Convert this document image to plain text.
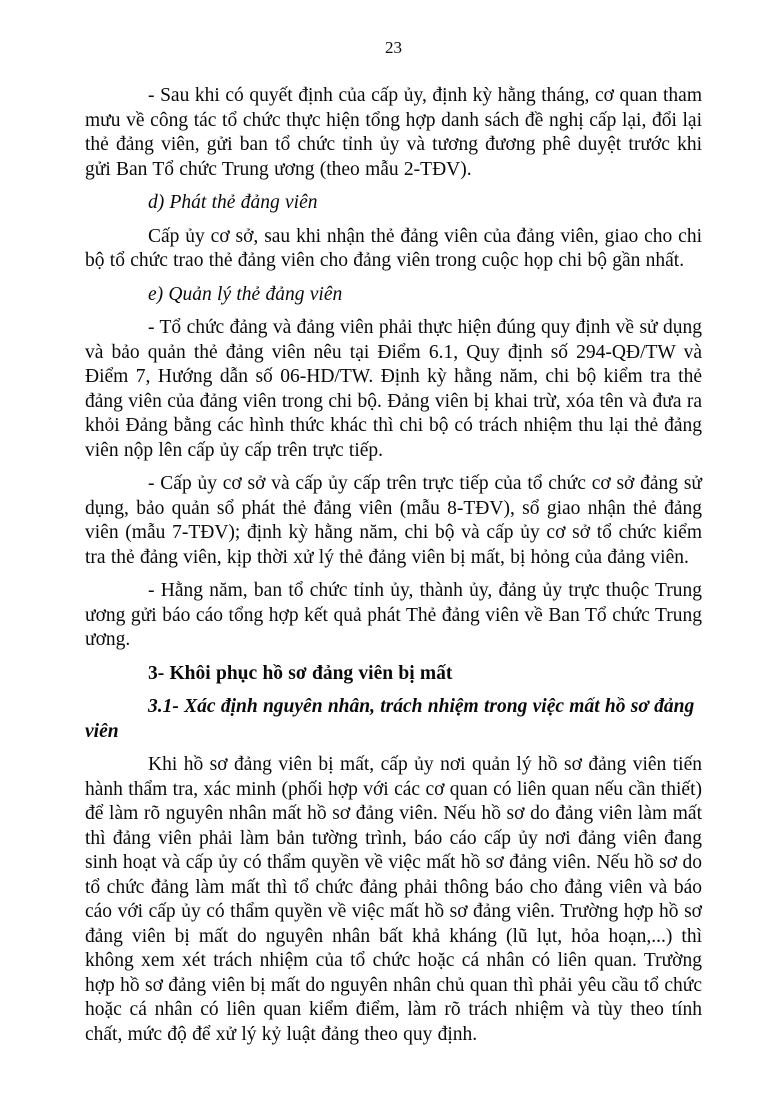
23

- Sau khi có quyết định của cấp ủy, định kỳ hằng tháng, cơ quan tham mưu về công tác tổ chức thực hiện tổng hợp danh sách đề nghị cấp lại, đổi lại thẻ đảng viên, gửi ban tổ chức tỉnh ủy và tương đương phê duyệt trước khi gửi Ban Tổ chức Trung ương (theo mẫu 2-TĐV).

d) Phát thẻ đảng viên

Cấp ủy cơ sở, sau khi nhận thẻ đảng viên của đảng viên, giao cho chi bộ tổ chức trao thẻ đảng viên cho đảng viên trong cuộc họp chi bộ gần nhất.

e) Quản lý thẻ đảng viên

- Tổ chức đảng và đảng viên phải thực hiện đúng quy định về sử dụng và bảo quản thẻ đảng viên nêu tại Điểm 6.1, Quy định số 294-QĐ/TW và Điểm 7, Hướng dẫn số 06-HD/TW. Định kỳ hằng năm, chi bộ kiểm tra thẻ đảng viên của đảng viên trong chi bộ. Đảng viên bị khai trừ, xóa tên và đưa ra khỏi Đảng bằng các hình thức khác thì chi bộ có trách nhiệm thu lại thẻ đảng viên nộp lên cấp ủy cấp trên trực tiếp.

- Cấp ủy cơ sở và cấp ủy cấp trên trực tiếp của tổ chức cơ sở đảng sử dụng, bảo quản sổ phát thẻ đảng viên (mẫu 8-TĐV), sổ giao nhận thẻ đảng viên (mẫu 7-TĐV); định kỳ hằng năm, chi bộ và cấp ủy cơ sở tổ chức kiểm tra thẻ đảng viên, kịp thời xử lý thẻ đảng viên bị mất, bị hỏng của đảng viên.

- Hằng năm, ban tổ chức tỉnh ủy, thành ủy, đảng ủy trực thuộc Trung ương gửi báo cáo tổng hợp kết quả phát Thẻ đảng viên về Ban Tổ chức Trung ương.

3- Khôi phục hồ sơ đảng viên bị mất

3.1- Xác định nguyên nhân, trách nhiệm trong việc mất hồ sơ đảng viên

Khi hồ sơ đảng viên bị mất, cấp ủy nơi quản lý hồ sơ đảng viên tiến hành thẩm tra, xác minh (phối hợp với các cơ quan có liên quan nếu cần thiết) để làm rõ nguyên nhân mất hồ sơ đảng viên. Nếu hồ sơ do đảng viên làm mất thì đảng viên phải làm bản tường trình, báo cáo cấp ủy nơi đảng viên đang sinh hoạt và cấp ủy có thẩm quyền về việc mất hồ sơ đảng viên. Nếu hồ sơ do tổ chức đảng làm mất thì tổ chức đảng phải thông báo cho đảng viên và báo cáo với cấp ủy có thẩm quyền về việc mất hồ sơ đảng viên. Trường hợp hồ sơ đảng viên bị mất do nguyên nhân bất khả kháng (lũ lụt, hỏa hoạn,...) thì không xem xét trách nhiệm của tổ chức hoặc cá nhân có liên quan. Trường hợp hồ sơ đảng viên bị mất do nguyên nhân chủ quan thì phải yêu cầu tổ chức hoặc cá nhân có liên quan kiểm điểm, làm rõ trách nhiệm và tùy theo tính chất, mức độ để xử lý kỷ luật đảng theo quy định.
